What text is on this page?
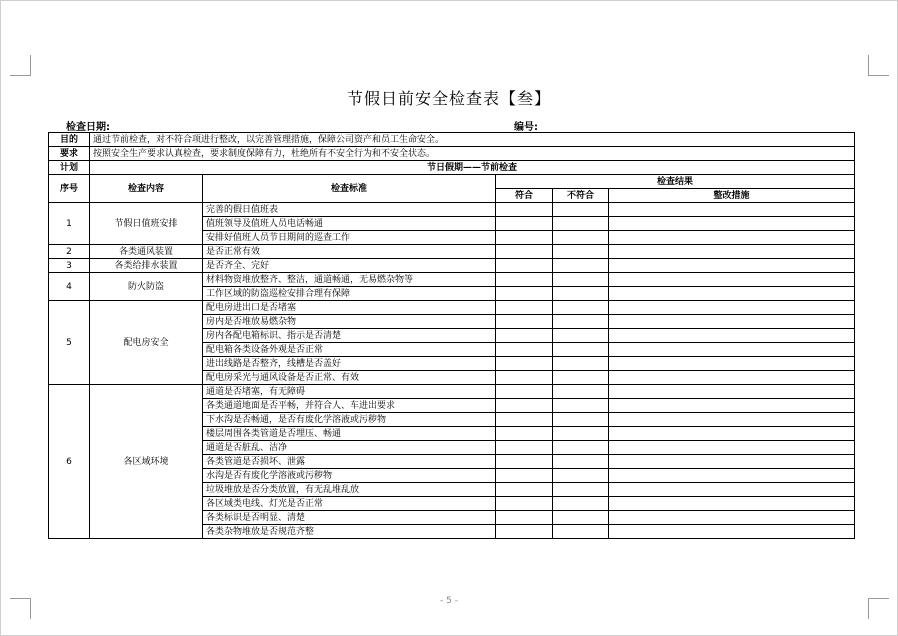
节假日前安全检查表【叁】
检查日期:	编号:
目的	通过节前检查，对不符合项进行整改，以完善管理措施，保障公司资产和员工生命安全。				
要求	按照安全生产要求认真检查，要求制度保障有力，杜绝所有不安全行为和不安全状态。				
计划	节日假期——节前检查				
序号	检查内容	检查标准	检查结果		
			符合	不符合	整改措施
1	节假日值班安排	完善的假日值班表			
		值班领导及值班人员电话畅通			
		安排好值班人员节日期间的巡查工作			
2	各类通风装置	是否正常有效			
3	各类给排水装置	是否齐全、完好			
4	防火防盗	材料物资堆放整齐、整洁，通道畅通，无易燃杂物等			
		工作区域的防盗巡检安排合理有保障			
5	配电房安全	配电房进出口是否堵塞			
		房内是否堆放易燃杂物			
		房内各配电箱标识、指示是否清楚			
		配电箱各类设备外观是否正常			
		进出线路是否整齐，线槽是否盖好			
		配电房采光与通风设备是否正常、有效			
6	各区域环境	通道是否堵塞，有无障碍			
		各类通道地面是否平畅，并符合人、车进出要求			
		下水沟是否畅通，是否有废化学溶液或污秽物			
		楼层周围各类管道是否埋压、畅通			
		通道是否脏乱、洁净			
		各类管道是否损坏、泄露			
		水沟是否有废化学溶液或污秽物			
		垃圾堆放是否分类放置，有无乱堆乱放			
		各区域类电线、灯光是否正常			
		各类标识是否明显、清楚			
		各类杂物堆放是否规范齐整			
- 5 -
